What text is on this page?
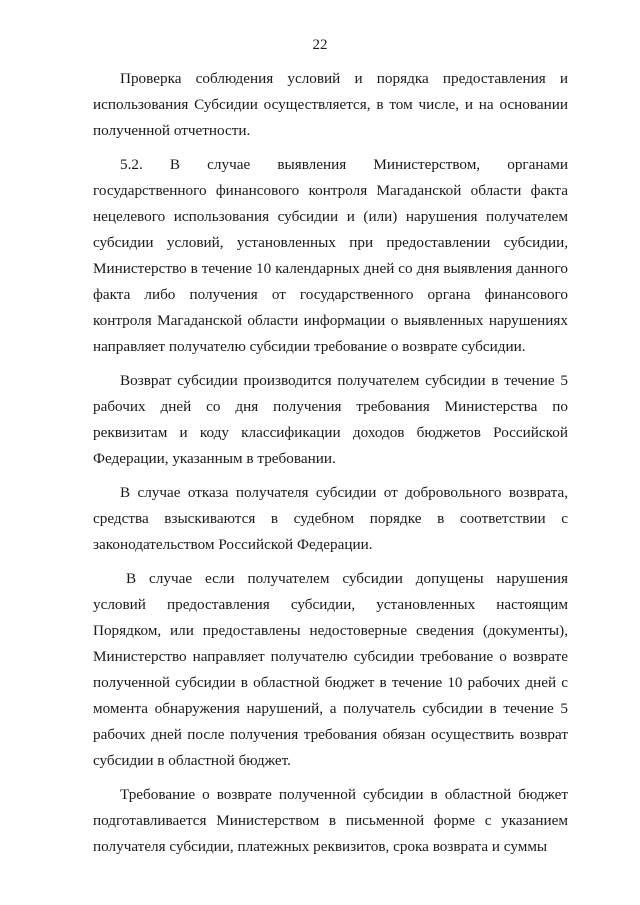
22

Проверка соблюдения условий и порядка предоставления и использования Субсидии осуществляется, в том числе, и на основании полученной отчетности.

5.2. В случае выявления Министерством, органами государственного финансового контроля Магаданской области факта нецелевого использования субсидии и (или) нарушения получателем субсидии условий, установленных при предоставлении субсидии, Министерство в течение 10 календарных дней со дня выявления данного факта либо получения от государственного органа финансового контроля Магаданской области информации о выявленных нарушениях направляет получателю субсидии требование о возврате субсидии.

Возврат субсидии производится получателем субсидии в течение 5 рабочих дней со дня получения требования Министерства по реквизитам и коду классификации доходов бюджетов Российской Федерации, указанным в требовании.

В случае отказа получателя субсидии от добровольного возврата, средства взыскиваются в судебном порядке в соответствии с законодательством Российской Федерации.

В случае если получателем субсидии допущены нарушения условий предоставления субсидии, установленных настоящим Порядком, или предоставлены недостоверные сведения (документы), Министерство направляет получателю субсидии требование о возврате полученной субсидии в областной бюджет в течение 10 рабочих дней с момента обнаружения нарушений, а получатель субсидии в течение 5 рабочих дней после получения требования обязан осуществить возврат субсидии в областной бюджет.

Требование о возврате полученной субсидии в областной бюджет подготавливается Министерством в письменной форме с указанием получателя субсидии, платежных реквизитов, срока возврата и суммы
